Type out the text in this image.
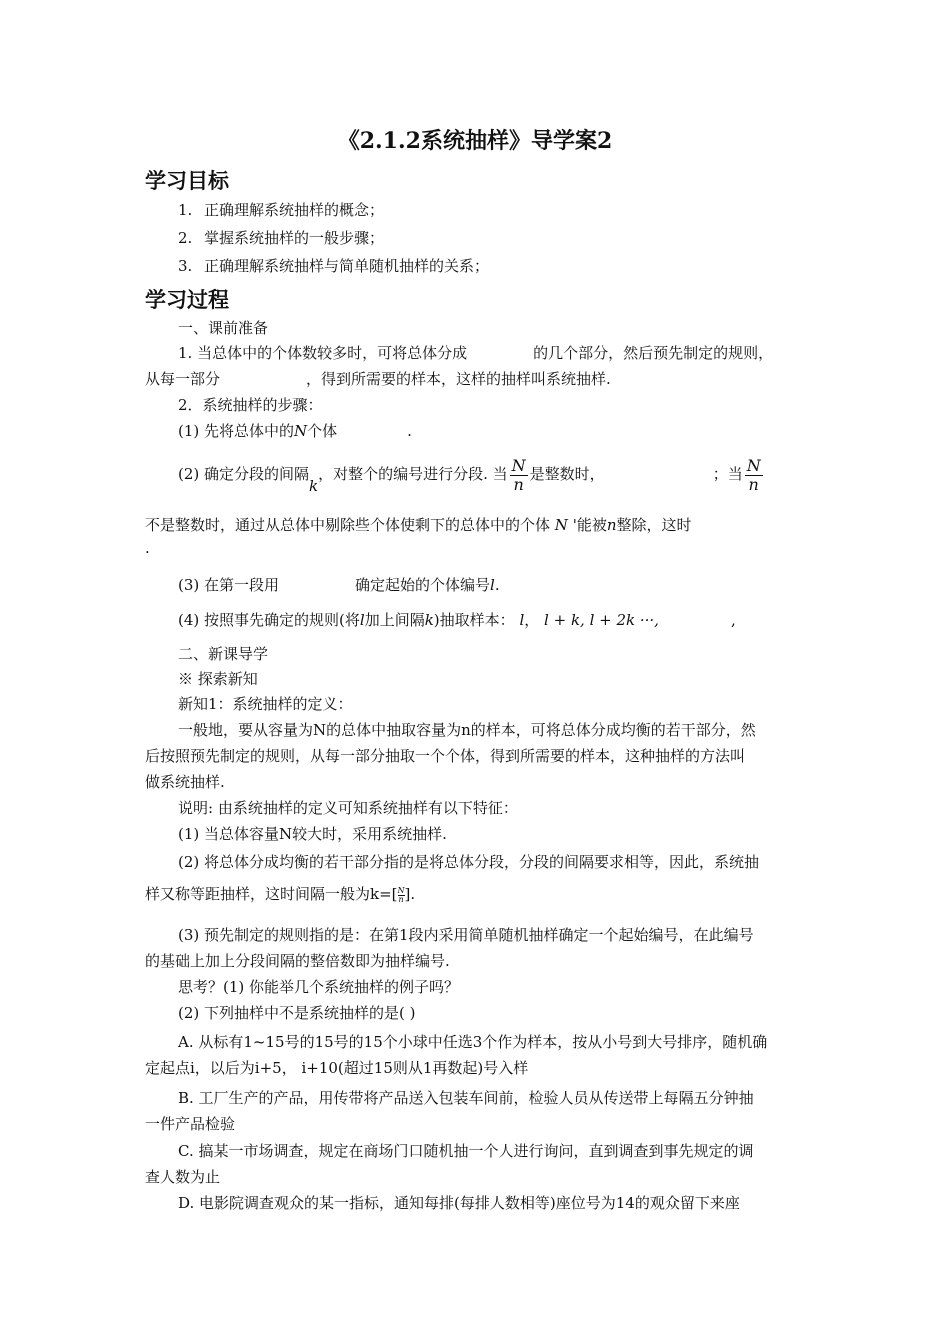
《2.1.2系统抽样》导学案2
学习目标
1. 正确理解系统抽样的概念；
2. 掌握系统抽样的一般步骤；
3. 正确理解系统抽样与简单随机抽样的关系；
学习过程
一、课前准备
1. 当总体中的个体数较多时，可将总体分成	的几个部分，然后预先制定的规则，
从每一部分	，得到所需要的样本，这样的抽样叫系统抽样.
2．系统抽样的步骤：
(1) 先将总体中的N个体	.
(2) 确定分段的间隔k，对整个的编号进行分段. 当 $\frac{N}{n}$ 是整数时，	；当 $\frac{N}{n}$
不是整数时，通过从总体中剔除些个体使剩下的总体中的个体 N '能被n整除，这时
.
(3) 在第一段用	确定起始的个体编号l.
(4) 按照事先确定的规则(将l加上间隔k)抽取样本： l， l + k, l + 2k ···,	,
二、新课导学
※ 探索新知
新知1：系统抽样的定义：
一般地，要从容量为N的总体中抽取容量为n的样本，可将总体分成均衡的若干部分，然
后按照预先制定的规则，从每一部分抽取一个个体，得到所需要的样本，这种抽样的方法叫
做系统抽样.
说明: 由系统抽样的定义可知系统抽样有以下特征：
(1) 当总体容量N较大时，采用系统抽样.
(2) 将总体分成均衡的若干部分指的是将总体分段，分段的间隔要求相等，因此，系统抽
样又称等距抽样，这时间隔一般为$k=[ \frac{N}{n}]$.
(3) 预先制定的规则指的是：在第1段内采用简单随机抽样确定一个起始编号，在此编号
的基础上加上分段间隔的整倍数即为抽样编号.
思考？(1) 你能举几个系统抽样的例子吗？
(2) 下列抽样中不是系统抽样的是( )
A. 从标有1~15号的15号的15个小球中任选3个作为样本，按从小号到大号排序，随机确
定起点i，以后为i+5， i+10(超过15则从1再数起)号入样
B. 工厂生产的产品，用传带将产品送入包装车间前，检验人员从传送带上每隔五分钟抽
一件产品检验
C. 搞某一市场调查，规定在商场门口随机抽一个人进行询问，直到调查到事先规定的调
查人数为止
D. 电影院调查观众的某一指标，通知每排(每排人数相等)座位号为14的观众留下来座
